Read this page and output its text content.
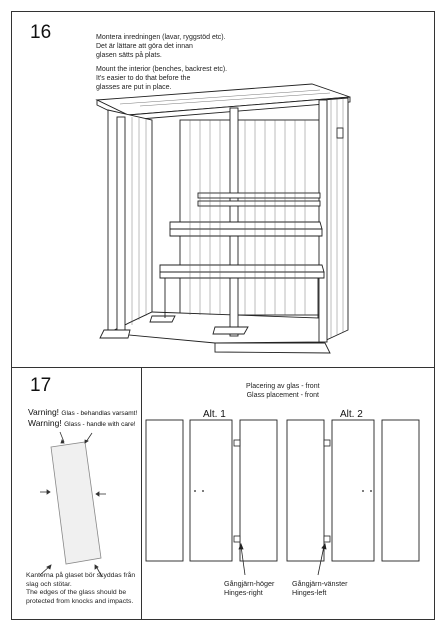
16	Montera inredningen (lavar, ryggstöd etc).
Det är lättare att göra det innan
glasen sätts på plats.
Mount the interior (benches, backrest etc).
It's easier to do that before the
glasses are put in place.
17
Varning! Glas - behandlas varsamt!
Warning! Glass - handle with care!
Kanterna på glaset bör skyddas från
slag och stötar.
The edges of the glass should be
protected from knocks and impacts.
Placering av glas - front
Glass placement - front
Alt. 1	Alt. 2
Gångjärn-höger
Hinges-right
Gångjärn-vänster
Hinges-left
